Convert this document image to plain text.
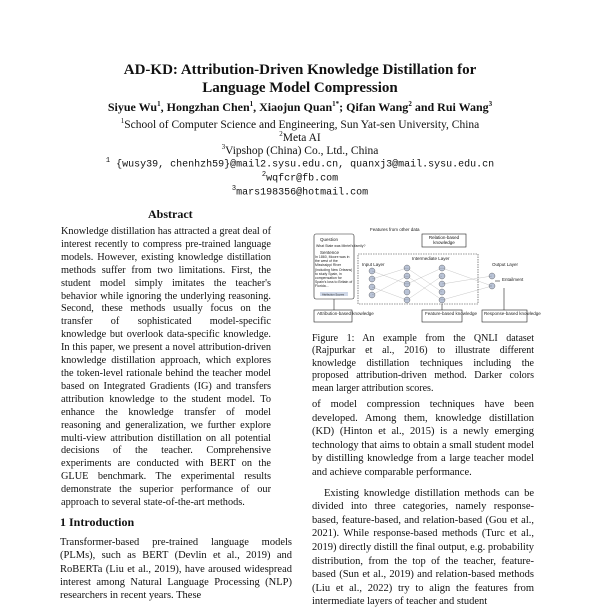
AD-KD: Attribution-Driven Knowledge Distillation for
Language Model Compression
Siyue Wu$^1$, Hongzhan Chen$^1$, Xiaojun Quan$^{1*}$; Qifan Wang$^2$ and Rui Wang$^3$
$^1$School of Computer Science and Engineering, Sun Yat-sen University, China
$^2$Meta AI
$^3$Vipshop (China) Co., Ltd., China
$^1$ {wusy39, chenhzh59}@mail2.sysu.edu.cn, quanxj3@mail.sysu.edu.cn
$^2$wqfcr@fb.com
$^3$mars198356@hotmail.com
Abstract
Knowledge distillation has attracted a great deal of interest recently to compress pre-trained language models. However, existing knowledge distillation methods suffer from two limitations. First, the student model simply imitates the teacher's behavior while ignoring the underlying reasoning. Second, these methods usually focus on the transfer of sophisticated model-specific knowledge but overlook data-specific knowledge. In this paper, we present a novel attribution-driven knowledge distillation approach, which explores the token-level rationale behind the teacher model based on Integrated Gradients (IG) and transfers attribution knowledge to the student model. To enhance the knowledge transfer of model reasoning and generalization, we further explore multi-view attribution distillation on all potential decisions of the teacher. Comprehensive experiments are conducted with BERT on the GLUE benchmark. The experimental results demonstrate the superior performance of our approach to several state-of-the-art methods.
1 Introduction
Transformer-based pre-trained language models (PLMs), such as BERT (Devlin et al., 2019) and RoBERTa (Liu et al., 2019), have aroused widespread interest among Natural Language Processing (NLP) researchers in recent years. These
Features from other data
Question
What State was Mirriel's family?
Sentence
In 1860, Moore was in the west of the Mississippi River (including New Orleans) to study Spain, in compensation for Spain's loss to Britain of Florida...
Attribution Scores
Attribution-based knowledge
Relation-based knowledge
Intermediate Layer
Input Layer	Output Layer
Entailment
Feature-based knowledge Response-based knowledge
Figure 1: An example from the QNLI dataset (Rajpurkar et al., 2016) to illustrate different knowledge distillation techniques including the proposed attribution-driven method. Darker colors mean larger attribution scores.

of model compression techniques have been developed. Among them, knowledge distillation (KD) (Hinton et al., 2015) is a newly emerging technology that aims to obtain a small student model by distilling knowledge from a large teacher model and achieve comparable performance.

Existing knowledge distillation methods can be divided into three categories, namely response-based, feature-based, and relation-based (Gou et al., 2021). While response-based methods (Turc et al., 2019) directly distill the final output, e.g. probability distribution, from the top of the teacher, feature-based (Sun et al., 2019) and relation-based methods (Liu et al., 2022) try to align the features from intermediate layers of teacher and student
